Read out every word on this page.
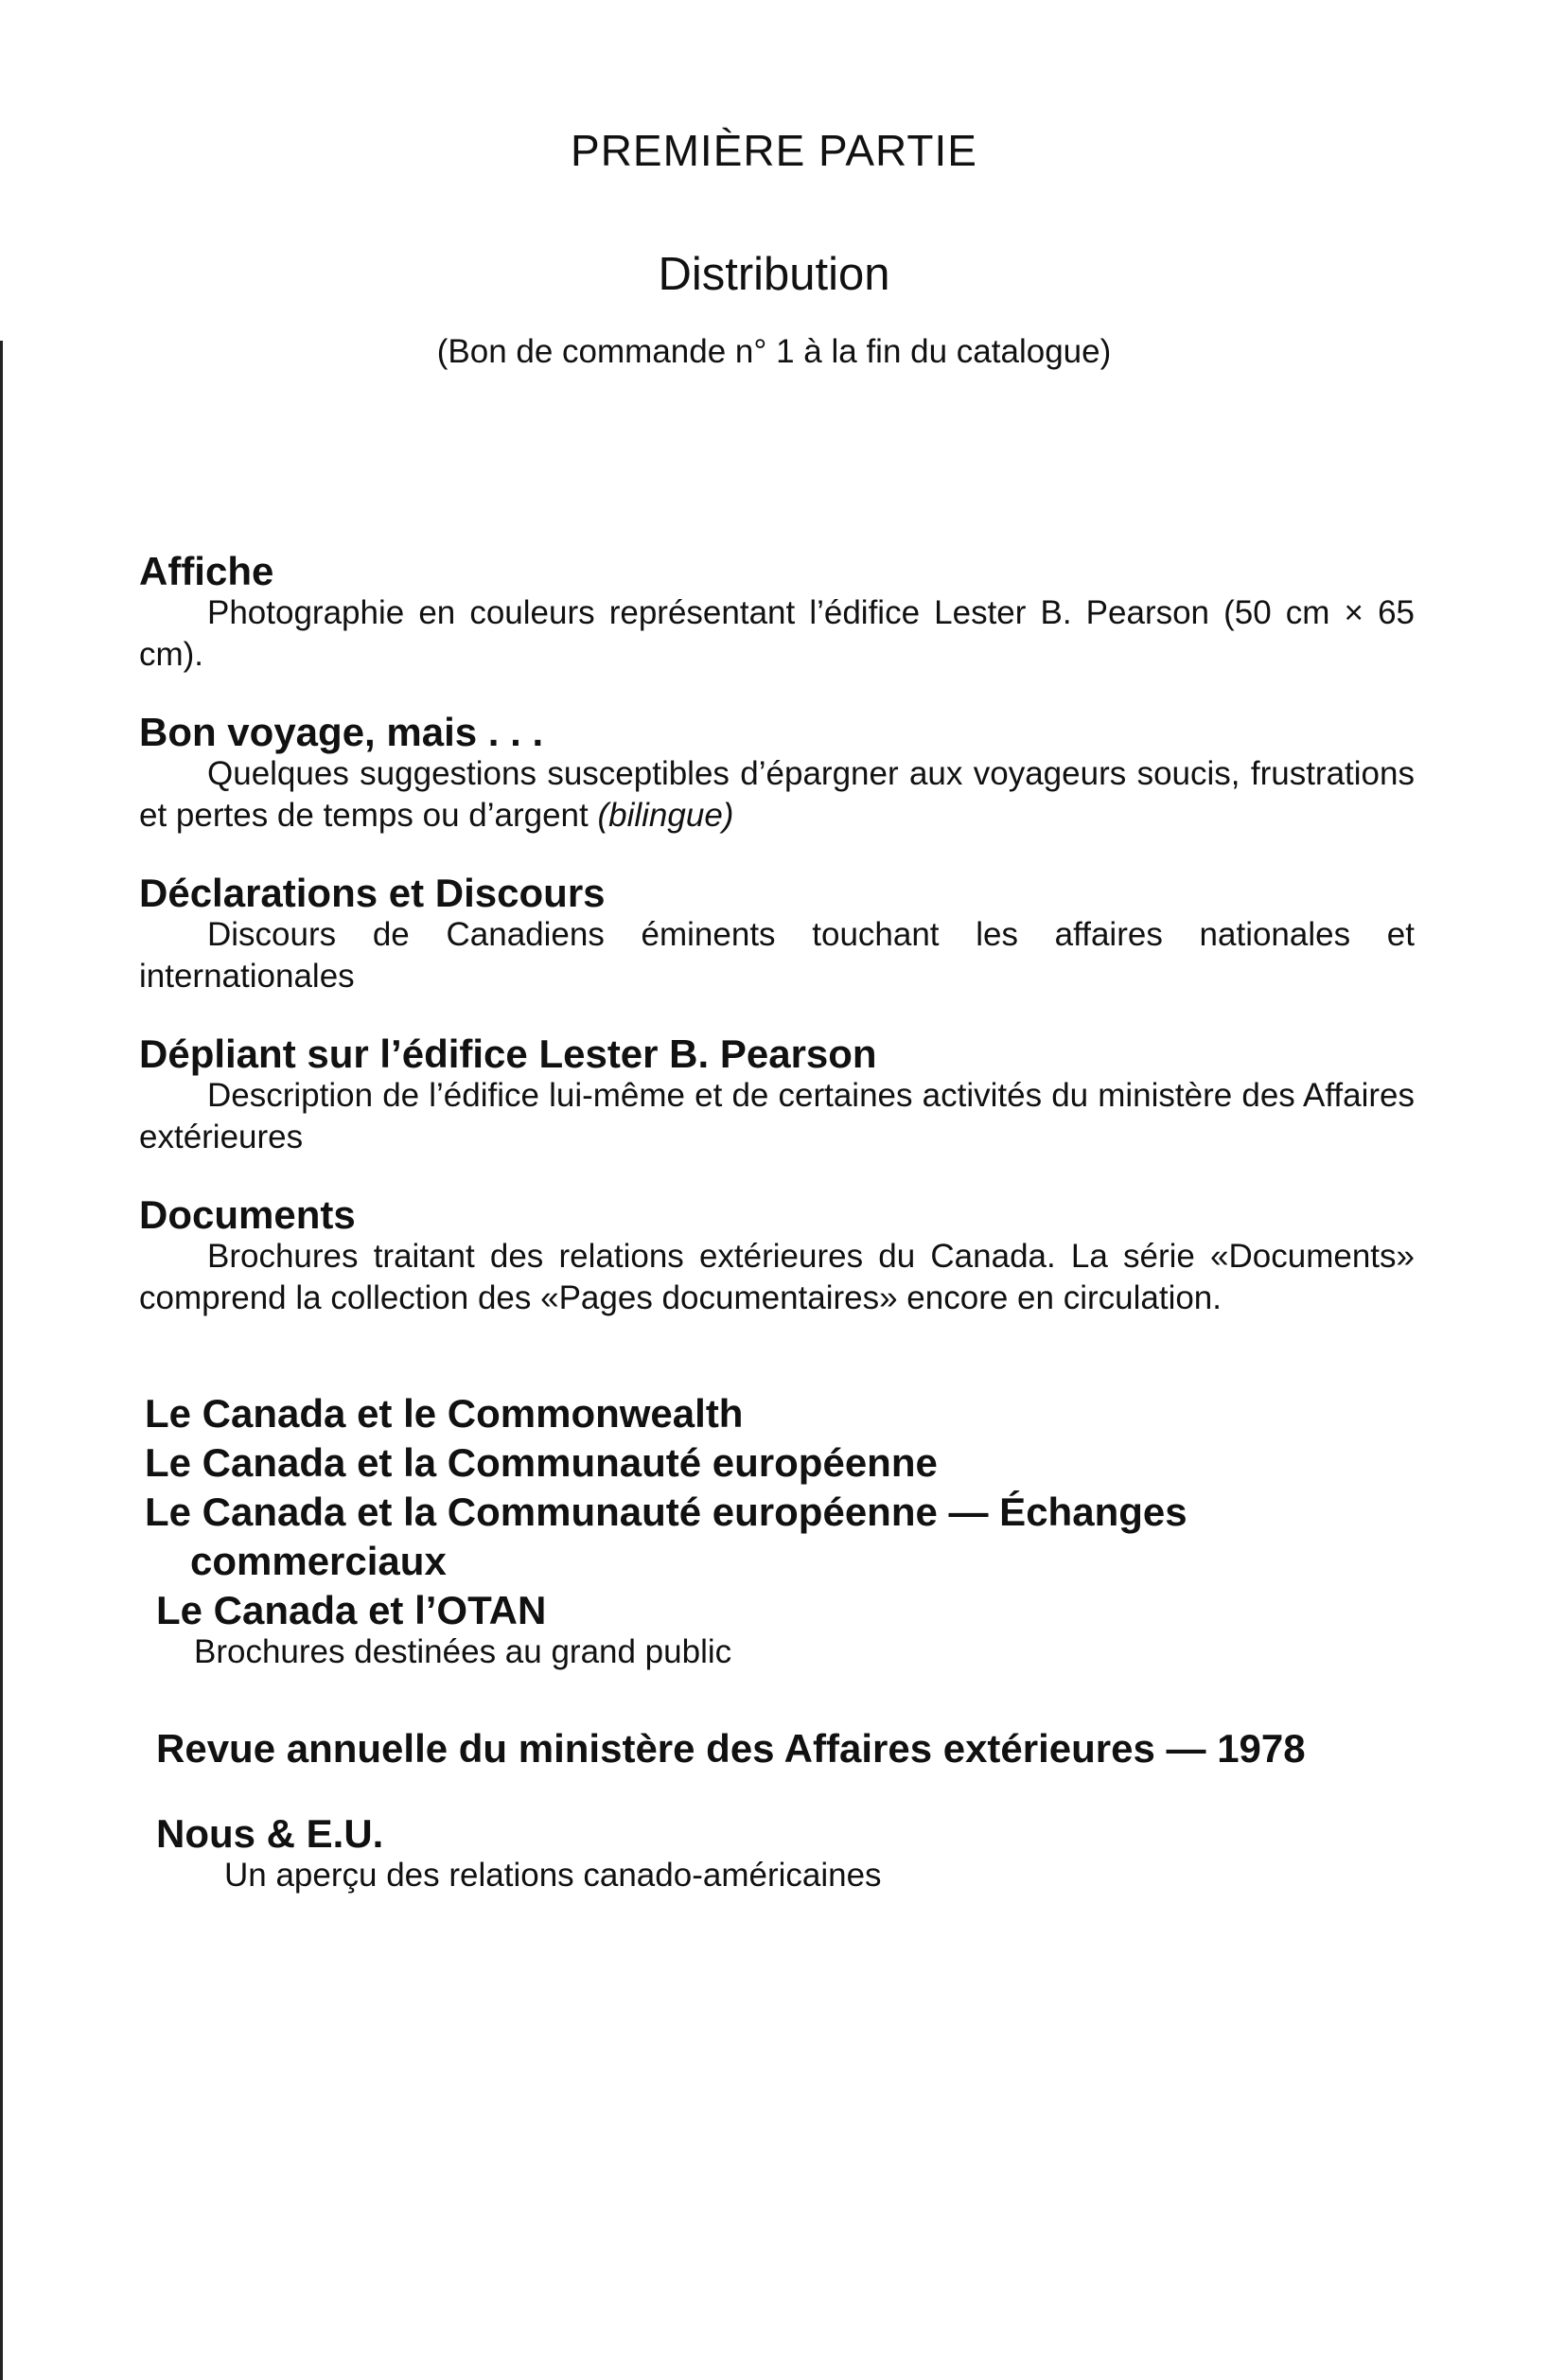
PREMIÈRE PARTIE
Distribution
(Bon de commande n° 1 à la fin du catalogue)
Affiche
Photographie en couleurs représentant l’édifice Lester B. Pearson (50 cm × 65 cm).
Bon voyage, mais . . .
Quelques suggestions susceptibles d’épargner aux voyageurs soucis, frustrations et pertes de temps ou d’argent (bilingue)
Déclarations et Discours
Discours de Canadiens éminents touchant les affaires nationales et internationales
Dépliant sur l’édifice Lester B. Pearson
Description de l’édifice lui-même et de certaines activités du ministère des Affaires extérieures
Documents
Brochures traitant des relations extérieures du Canada. La série «Documents» comprend la collection des «Pages documentaires» encore en circulation.
Le Canada et le Commonwealth
Le Canada et la Communauté européenne
Le Canada et la Communauté européenne — Échanges
commerciaux
Le Canada et l’OTAN
Brochures destinées au grand public
Revue annuelle du ministère des Affaires extérieures — 1978
Nous & E.U.
Un aperçu des relations canado-américaines
